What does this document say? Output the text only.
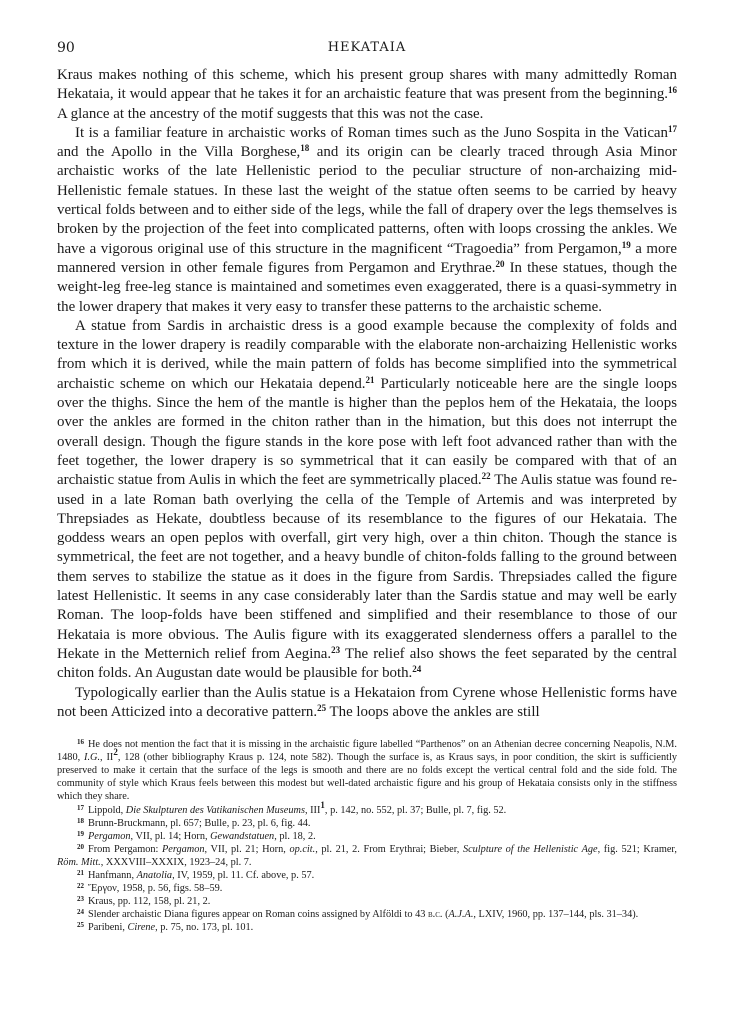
90	HEKATAIA

Kraus makes nothing of this scheme, which his present group shares with many admittedly Roman Hekataia, it would appear that he takes it for an archaistic feature that was present from the beginning.$^{16}$ A glance at the ancestry of the motif suggests that this was not the case.

It is a familiar feature in archaistic works of Roman times such as the Juno Sospita in the Vatican$^{17}$ and the Apollo in the Villa Borghese,$^{18}$ and its origin can be clearly traced through Asia Minor archaistic works of the late Hellenistic period to the peculiar structure of non-archaizing mid-Hellenistic female statues. In these last the weight of the statue often seems to be carried by heavy vertical folds between and to either side of the legs, while the fall of drapery over the legs themselves is broken by the projection of the feet into complicated patterns, often with loops crossing the ankles. We have a vigorous original use of this structure in the magnificent “Tragoedia” from Pergamon,$^{19}$ a more mannered version in other female figures from Pergamon and Erythrae.$^{20}$ In these statues, though the weight-leg free-leg stance is maintained and sometimes even exaggerated, there is a quasi-symmetry in the lower drapery that makes it very easy to transfer these patterns to the archaistic scheme.

A statue from Sardis in archaistic dress is a good example because the complexity of folds and texture in the lower drapery is readily comparable with the elaborate non-archaizing Hellenistic works from which it is derived, while the main pattern of folds has become simplified into the symmetrical archaistic scheme on which our Hekataia depend.$^{21}$ Particularly noticeable here are the single loops over the thighs. Since the hem of the mantle is higher than the peplos hem of the Hekataia, the loops over the ankles are formed in the chiton rather than in the himation, but this does not interrupt the overall design. Though the figure stands in the kore pose with left foot advanced rather than with the feet together, the lower drapery is so symmetrical that it can easily be compared with that of an archaistic statue from Aulis in which the feet are symmetrically placed.$^{22}$ The Aulis statue was found re-used in a late Roman bath overlying the cella of the Temple of Artemis and was interpreted by Threpsiades as Hekate, doubtless because of its resemblance to the figures of our Hekataia. The goddess wears an open peplos with overfall, girt very high, over a thin chiton. Though the stance is symmetrical, the feet are not together, and a heavy bundle of chiton-folds falling to the ground between them serves to stabilize the statue as it does in the figure from Sardis. Threpsiades called the figure latest Hellenistic. It seems in any case considerably later than the Sardis statue and may well be early Roman. The loop-folds have been stiffened and simplified and their resemblance to those of our Hekataia is more obvious. The Aulis figure with its exaggerated slenderness offers a parallel to the Hekate in the Metternich relief from Aegina.$^{23}$ The relief also shows the feet separated by the central chiton folds. An Augustan date would be plausible for both.$^{24}$

Typologically earlier than the Aulis statue is a Hekataion from Cyrene whose Hellenistic forms have not been Atticized into a decorative pattern.$^{25}$ The loops above the ankles are still

$^{16}$ He does not mention the fact that it is missing in the archaistic figure labelled “Parthenos” on an Athenian decree concerning Neapolis, N.M. 1480, I.G., $II^2$, 128 (other bibliography Kraus p. 124, note 582). Though the surface is, as Kraus says, in poor condition, the skirt is sufficiently preserved to make it certain that the surface of the legs is smooth and there are no folds except the vertical central fold and the side fold. The community of style which Kraus feels between this modest but well-dated archaistic figure and his group of Hekataia consists only in the stiffness which they share.

$^{17}$ Lippold, Die Skulpturen des Vatikanischen Museums, III$^1$, p. 142, no. 552, pl. 37; Bulle, pl. 7, fig. 52.

$^{18}$ Brunn-Bruckmann, pl. 657; Bulle, p. 23, pl. 6, fig. 44.

$^{19}$ Pergamon, VII, pl. 14; Horn, Gewandstatuen, pl. 18, 2.

$^{20}$ From Pergamon: Pergamon, VII, pl. 21; Horn, op.cit., pl. 21, 2. From Erythrai; Bieber, Sculpture of the Hellenistic Age, fig. 521; Kramer, Röm. Mitt., XXXVIII–XXXIX, 1923–24, pl. 7.

$^{21}$ Hanfmann, Anatolia, IV, 1959, pl. 11. Cf. above, p. 57.

$^{22}$ Ἔργον, 1958, p. 56, figs. 58–59.

$^{23}$ Kraus, pp. 112, 158, pl. 21, 2.

$^{24}$ Slender archaistic Diana figures appear on Roman coins assigned by Alföldi to 43 b.c. (A.J.A., LXIV, 1960, pp. 137–144, pls. 31–34).

$^{25}$ Paribeni, Cirene, p. 75, no. 173, pl. 101.
